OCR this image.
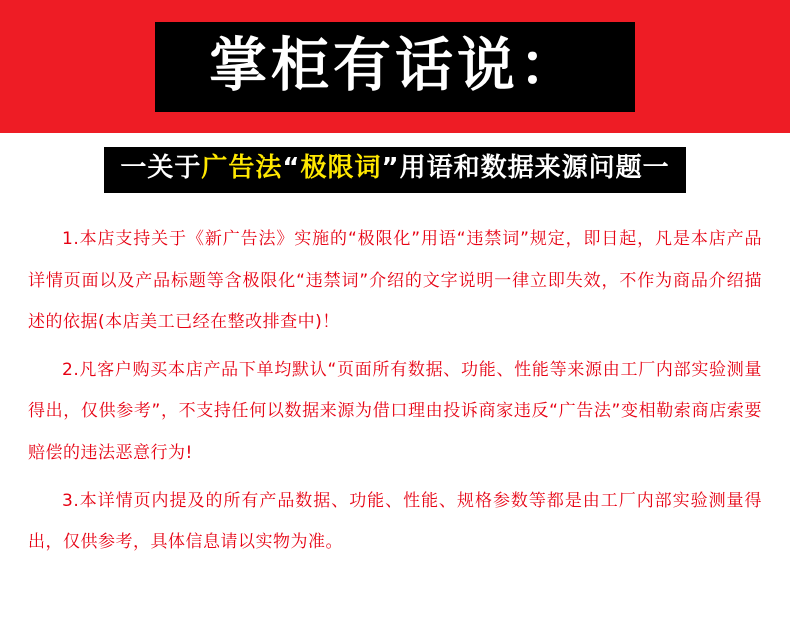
掌柜有话说：
一关于广告法“极限词”用语和数据来源问题一

1.本店支持关于《新广告法》实施的“极限化”用语“违禁词”规定，即日起，凡是本店产品详情页面以及产品标题等含极限化“违禁词”介绍的文字说明一律立即失效，不作为商品介绍描述的依据(本店美工已经在整改排查中)！

2.凡客户购买本店产品下单均默认“页面所有数据、功能、性能等来源由工厂内部实验测量得出，仅供参考”，不支持任何以数据来源为借口理由投诉商家违反“广告法”变相勒索商店索要赔偿的违法恶意行为!

3.本详情页内提及的所有产品数据、功能、性能、规格参数等都是由工厂内部实验测量得出，仅供参考，具体信息请以实物为准。
